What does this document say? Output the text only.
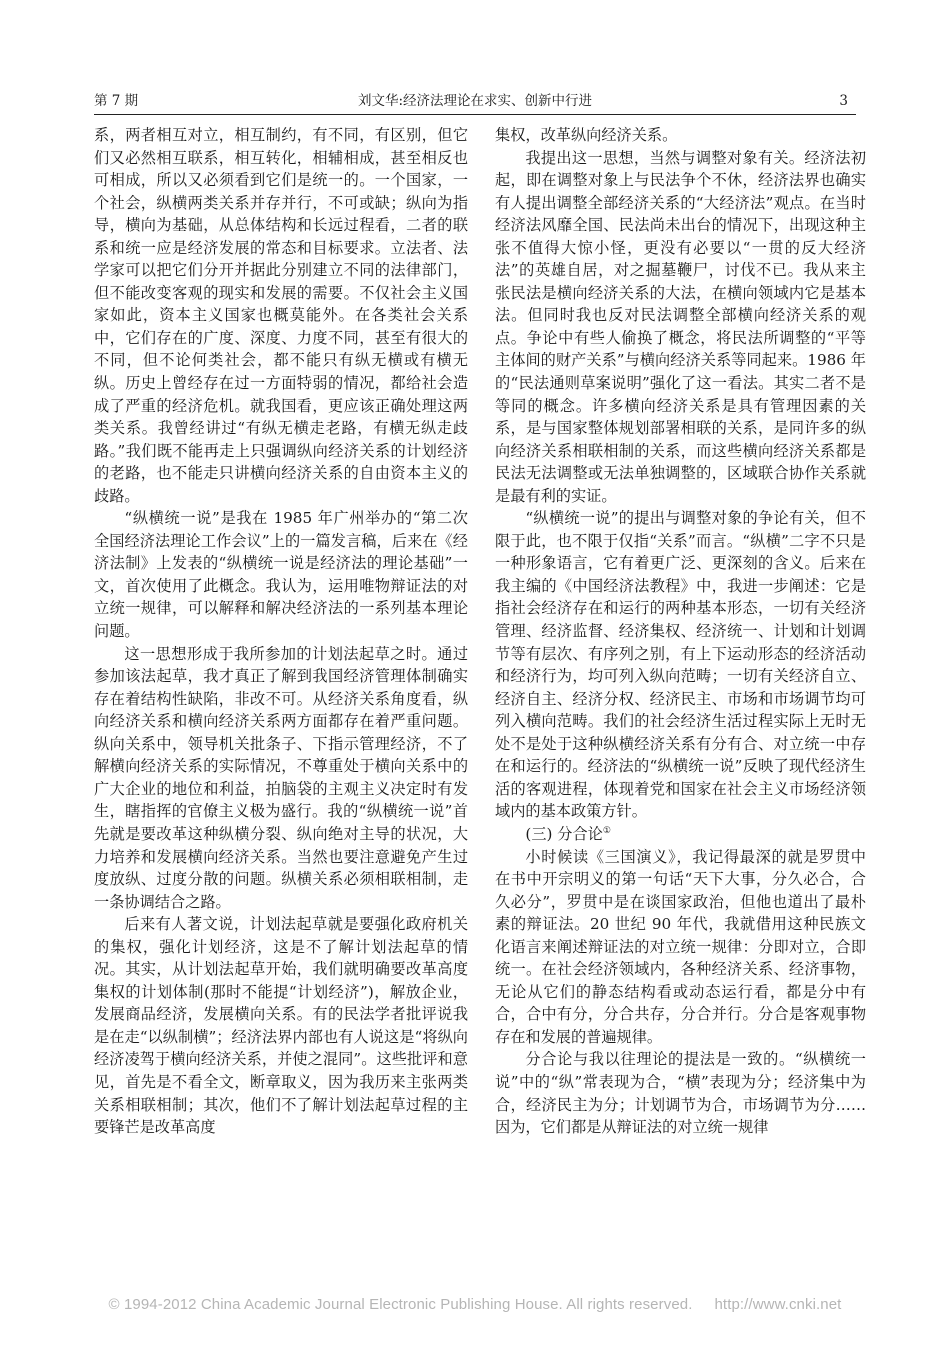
第 7 期	刘文华:经济法理论在求实、创新中行进	3

系，两者相互对立，相互制约，有不同，有区别，但它们又必然相互联系，相互转化，相辅相成，甚至相反也可相成，所以又必须看到它们是统一的。一个国家，一个社会，纵横两类关系并存并行，不可或缺；纵向为指导，横向为基础，从总体结构和长远过程看，二者的联系和统一应是经济发展的常态和目标要求。立法者、法学家可以把它们分开并据此分别建立不同的法律部门，但不能改变客观的现实和发展的需要。不仅社会主义国家如此，资本主义国家也概莫能外。在各类社会关系中，它们存在的广度、深度、力度不同，甚至有很大的不同，但不论何类社会，都不能只有纵无横或有横无纵。历史上曾经存在过一方面特弱的情况，都给社会造成了严重的经济危机。就我国看，更应该正确处理这两类关系。我曾经讲过“有纵无横走老路，有横无纵走歧路。”我们既不能再走上只强调纵向经济关系的计划经济的老路，也不能走只讲横向经济关系的自由资本主义的歧路。

“纵横统一说”是我在 1985 年广州举办的“第二次全国经济法理论工作会议”上的一篇发言稿，后来在《经济法制》上发表的“纵横统一说是经济法的理论基础”一文，首次使用了此概念。我认为，运用唯物辩证法的对立统一规律，可以解释和解决经济法的一系列基本理论问题。

这一思想形成于我所参加的计划法起草之时。通过参加该法起草，我才真正了解到我国经济管理体制确实存在着结构性缺陷，非改不可。从经济关系角度看，纵向经济关系和横向经济关系两方面都存在着严重问题。纵向关系中，领导机关批条子、下指示管理经济，不了解横向经济关系的实际情况，不尊重处于横向关系中的广大企业的地位和利益，拍脑袋的主观主义决定时有发生，瞎指挥的官僚主义极为盛行。我的“纵横统一说”首先就是要改革这种纵横分裂、纵向绝对主导的状况，大力培养和发展横向经济关系。当然也要注意避免产生过度放纵、过度分散的问题。纵横关系必须相联相制，走一条协调结合之路。

后来有人著文说，计划法起草就是要强化政府机关的集权，强化计划经济，这是不了解计划法起草的情况。其实，从计划法起草开始，我们就明确要改革高度集权的计划体制(那时不能提“计划经济”)，解放企业，发展商品经济，发展横向关系。有的民法学者批评说我是在走“以纵制横”；经济法界内部也有人说这是“将纵向经济凌驾于横向经济关系，并使之混同”。这些批评和意见，首先是不看全文，断章取义，因为我历来主张两类关系相联相制；其次，他们不了解计划法起草过程的主要锋芒是改革高度

集权，改革纵向经济关系。

我提出这一思想，当然与调整对象有关。经济法初起，即在调整对象上与民法争个不休，经济法界也确实有人提出调整全部经济关系的“大经济法”观点。在当时经济法风靡全国、民法尚未出台的情况下，出现这种主张不值得大惊小怪，更没有必要以“一贯的反大经济法”的英雄自居，对之掘墓鞭尸，讨伐不已。我从来主张民法是横向经济关系的大法，在横向领域内它是基本法。但同时我也反对民法调整全部横向经济关系的观点。争论中有些人偷换了概念，将民法所调整的“平等主体间的财产关系”与横向经济关系等同起来。1986 年的“民法通则草案说明”强化了这一看法。其实二者不是等同的概念。许多横向经济关系是具有管理因素的关系，是与国家整体规划部署相联的关系，是同许多的纵向经济关系相联相制的关系，而这些横向经济关系都是民法无法调整或无法单独调整的，区域联合协作关系就是最有利的实证。

“纵横统一说”的提出与调整对象的争论有关，但不限于此，也不限于仅指“关系”而言。“纵横”二字不只是一种形象语言，它有着更广泛、更深刻的含义。后来在我主编的《中国经济法教程》中，我进一步阐述：它是指社会经济存在和运行的两种基本形态，一切有关经济管理、经济监督、经济集权、经济统一、计划和计划调节等有层次、有序列之别，有上下运动形态的经济活动和经济行为，均可列入纵向范畴；一切有关经济自立、经济自主、经济分权、经济民主、市场和市场调节均可列入横向范畴。我们的社会经济生活过程实际上无时无处不是处于这种纵横经济关系有分有合、对立统一中存在和运行的。经济法的“纵横统一说”反映了现代经济生活的客观进程，体现着党和国家在社会主义市场经济领域内的基本政策方针。

(三) 分合论①

小时候读《三国演义》，我记得最深的就是罗贯中在书中开宗明义的第一句话“天下大事，分久必合，合久必分”，罗贯中是在谈国家政治，但他也道出了最朴素的辩证法。20 世纪 90 年代，我就借用这种民族文化语言来阐述辩证法的对立统一规律：分即对立，合即统一。在社会经济领域内，各种经济关系、经济事物，无论从它们的静态结构看或动态运行看，都是分中有合，合中有分，分合共存，分合并行。分合是客观事物存在和发展的普遍规律。

分合论与我以往理论的提法是一致的。“纵横统一说”中的“纵”常表现为合，“横”表现为分；经济集中为合，经济民主为分；计划调节为合，市场调节为分……因为，它们都是从辩证法的对立统一规律

© 1994-2012 China Academic Journal Electronic Publishing House. All rights reserved. http://www.cnki.net
